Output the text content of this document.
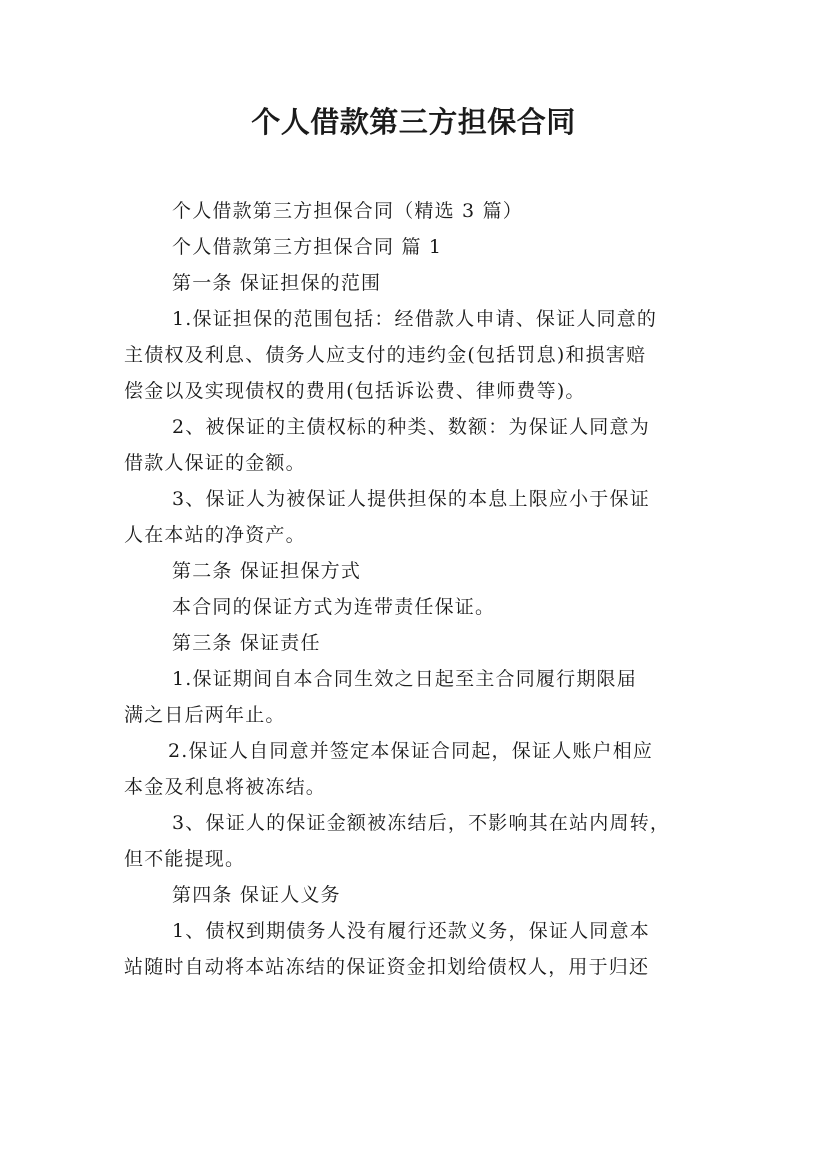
个人借款第三方担保合同
个人借款第三方担保合同（精选 3 篇）
个人借款第三方担保合同 篇 1
第一条 保证担保的范围
1.保证担保的范围包括：经借款人申请、保证人同意的
主债权及利息、债务人应支付的违约金(包括罚息)和损害赔
偿金以及实现债权的费用(包括诉讼费、律师费等)。
2、被保证的主债权标的种类、数额：为保证人同意为
借款人保证的金额。
3、保证人为被保证人提供担保的本息上限应小于保证
人在本站的净资产。
第二条 保证担保方式
本合同的保证方式为连带责任保证。
第三条 保证责任
1.保证期间自本合同生效之日起至主合同履行期限届
满之日后两年止。
2.保证人自同意并签定本保证合同起，保证人账户相应
本金及利息将被冻结。
3、保证人的保证金额被冻结后，不影响其在站内周转，
但不能提现。
第四条 保证人义务
1、债权到期债务人没有履行还款义务，保证人同意本
站随时自动将本站冻结的保证资金扣划给债权人，用于归还
